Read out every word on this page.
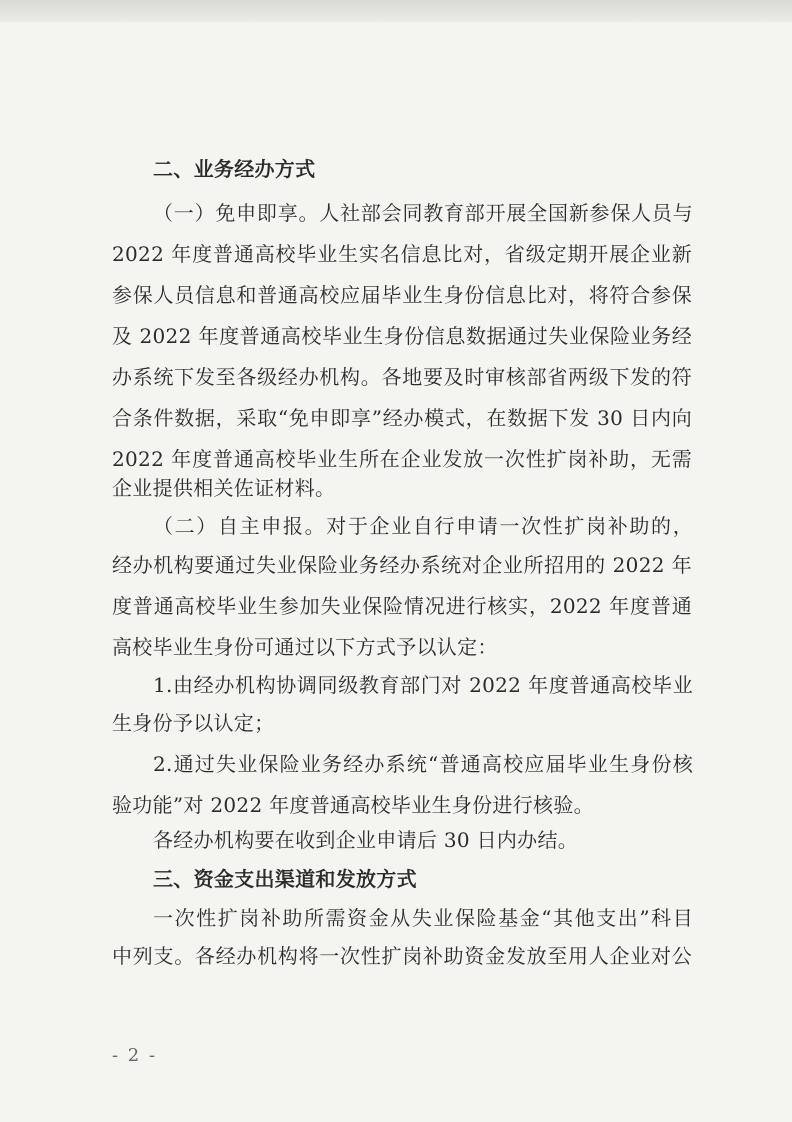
二、业务经办方式
（一）免申即享。人社部会同教育部开展全国新参保人员与
2022 年度普通高校毕业生实名信息比对，省级定期开展企业新
参保人员信息和普通高校应届毕业生身份信息比对，将符合参保
及 2022 年度普通高校毕业生身份信息数据通过失业保险业务经
办系统下发至各级经办机构。各地要及时审核部省两级下发的符
合条件数据，采取“免申即享”经办模式，在数据下发 30 日内向
2022 年度普通高校毕业生所在企业发放一次性扩岗补助，无需
企业提供相关佐证材料。
（二）自主申报。对于企业自行申请一次性扩岗补助的，
经办机构要通过失业保险业务经办系统对企业所招用的 2022 年
度普通高校毕业生参加失业保险情况进行核实，2022 年度普通
高校毕业生身份可通过以下方式予以认定：
1.由经办机构协调同级教育部门对 2022 年度普通高校毕业
生身份予以认定；
2.通过失业保险业务经办系统“普通高校应届毕业生身份核
验功能”对 2022 年度普通高校毕业生身份进行核验。
各经办机构要在收到企业申请后 30 日内办结。
三、资金支出渠道和发放方式
一次性扩岗补助所需资金从失业保险基金“其他支出”科目
中列支。各经办机构将一次性扩岗补助资金发放至用人企业对公
- 2 -
